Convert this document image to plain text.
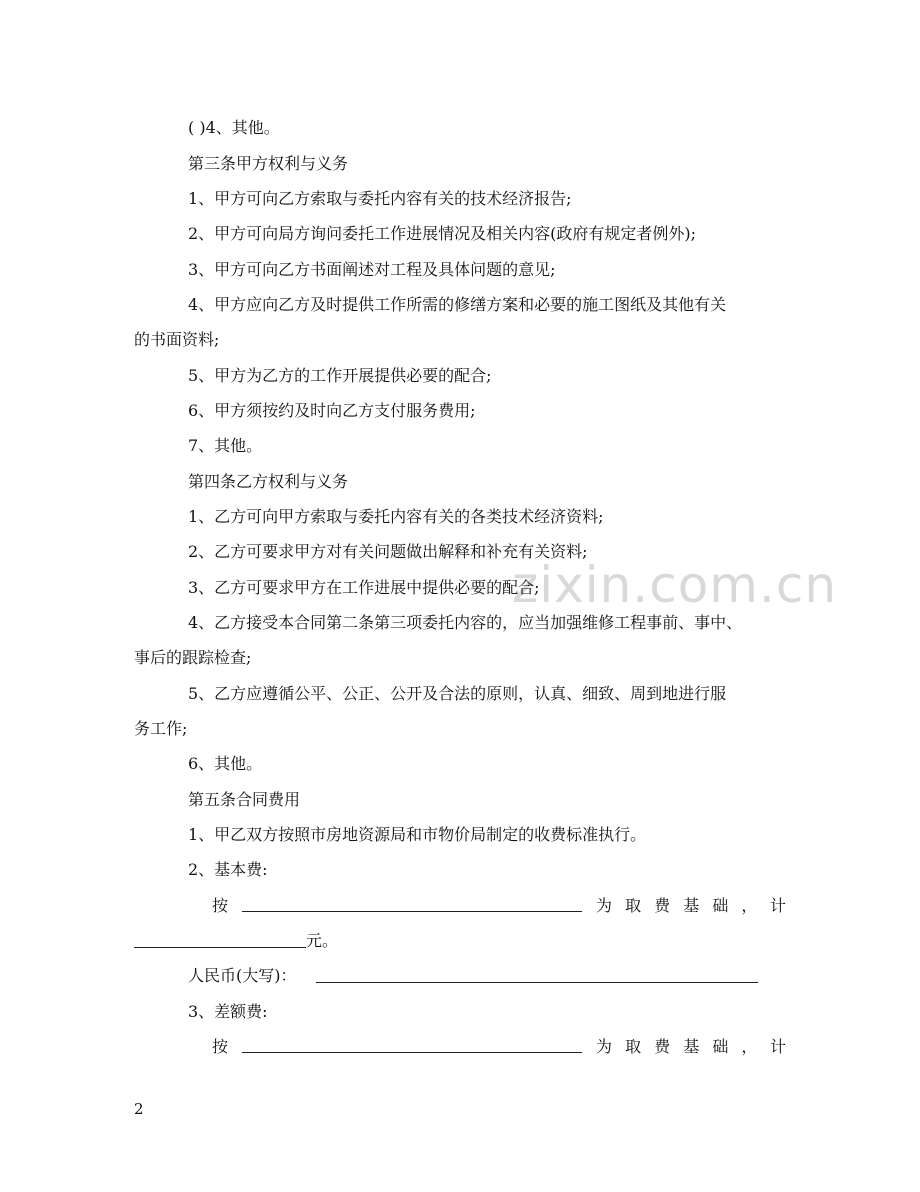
zixin.com.cn
( )4、其他。
第三条甲方权利与义务
1、甲方可向乙方索取与委托内容有关的技术经济报告;
2、甲方可向局方询问委托工作进展情况及相关内容(政府有规定者例外);
3、甲方可向乙方书面阐述对工程及具体问题的意见;
4、甲方应向乙方及时提供工作所需的修缮方案和必要的施工图纸及其他有关
的书面资料;
5、甲方为乙方的工作开展提供必要的配合;
6、甲方须按约及时向乙方支付服务费用;
7、其他。
第四条乙方权利与义务
1、乙方可向甲方索取与委托内容有关的各类技术经济资料;
2、乙方可要求甲方对有关问题做出解释和补充有关资料;
3、乙方可要求甲方在工作进展中提供必要的配合;
4、乙方接受本合同第二条第三项委托内容的，应当加强维修工程事前、事中、
事后的跟踪检查;
5、乙方应遵循公平、公正、公开及合法的原则，认真、细致、周到地进行服
务工作;
6、其他。
第五条合同费用
1、甲乙双方按照市房地资源局和市物价局制定的收费标准执行。
2、基本费:
按	为 取 费 基 础 ， 计
元。
人民币(大写)：
3、差额费:
按	为 取 费 基 础 ， 计
2
